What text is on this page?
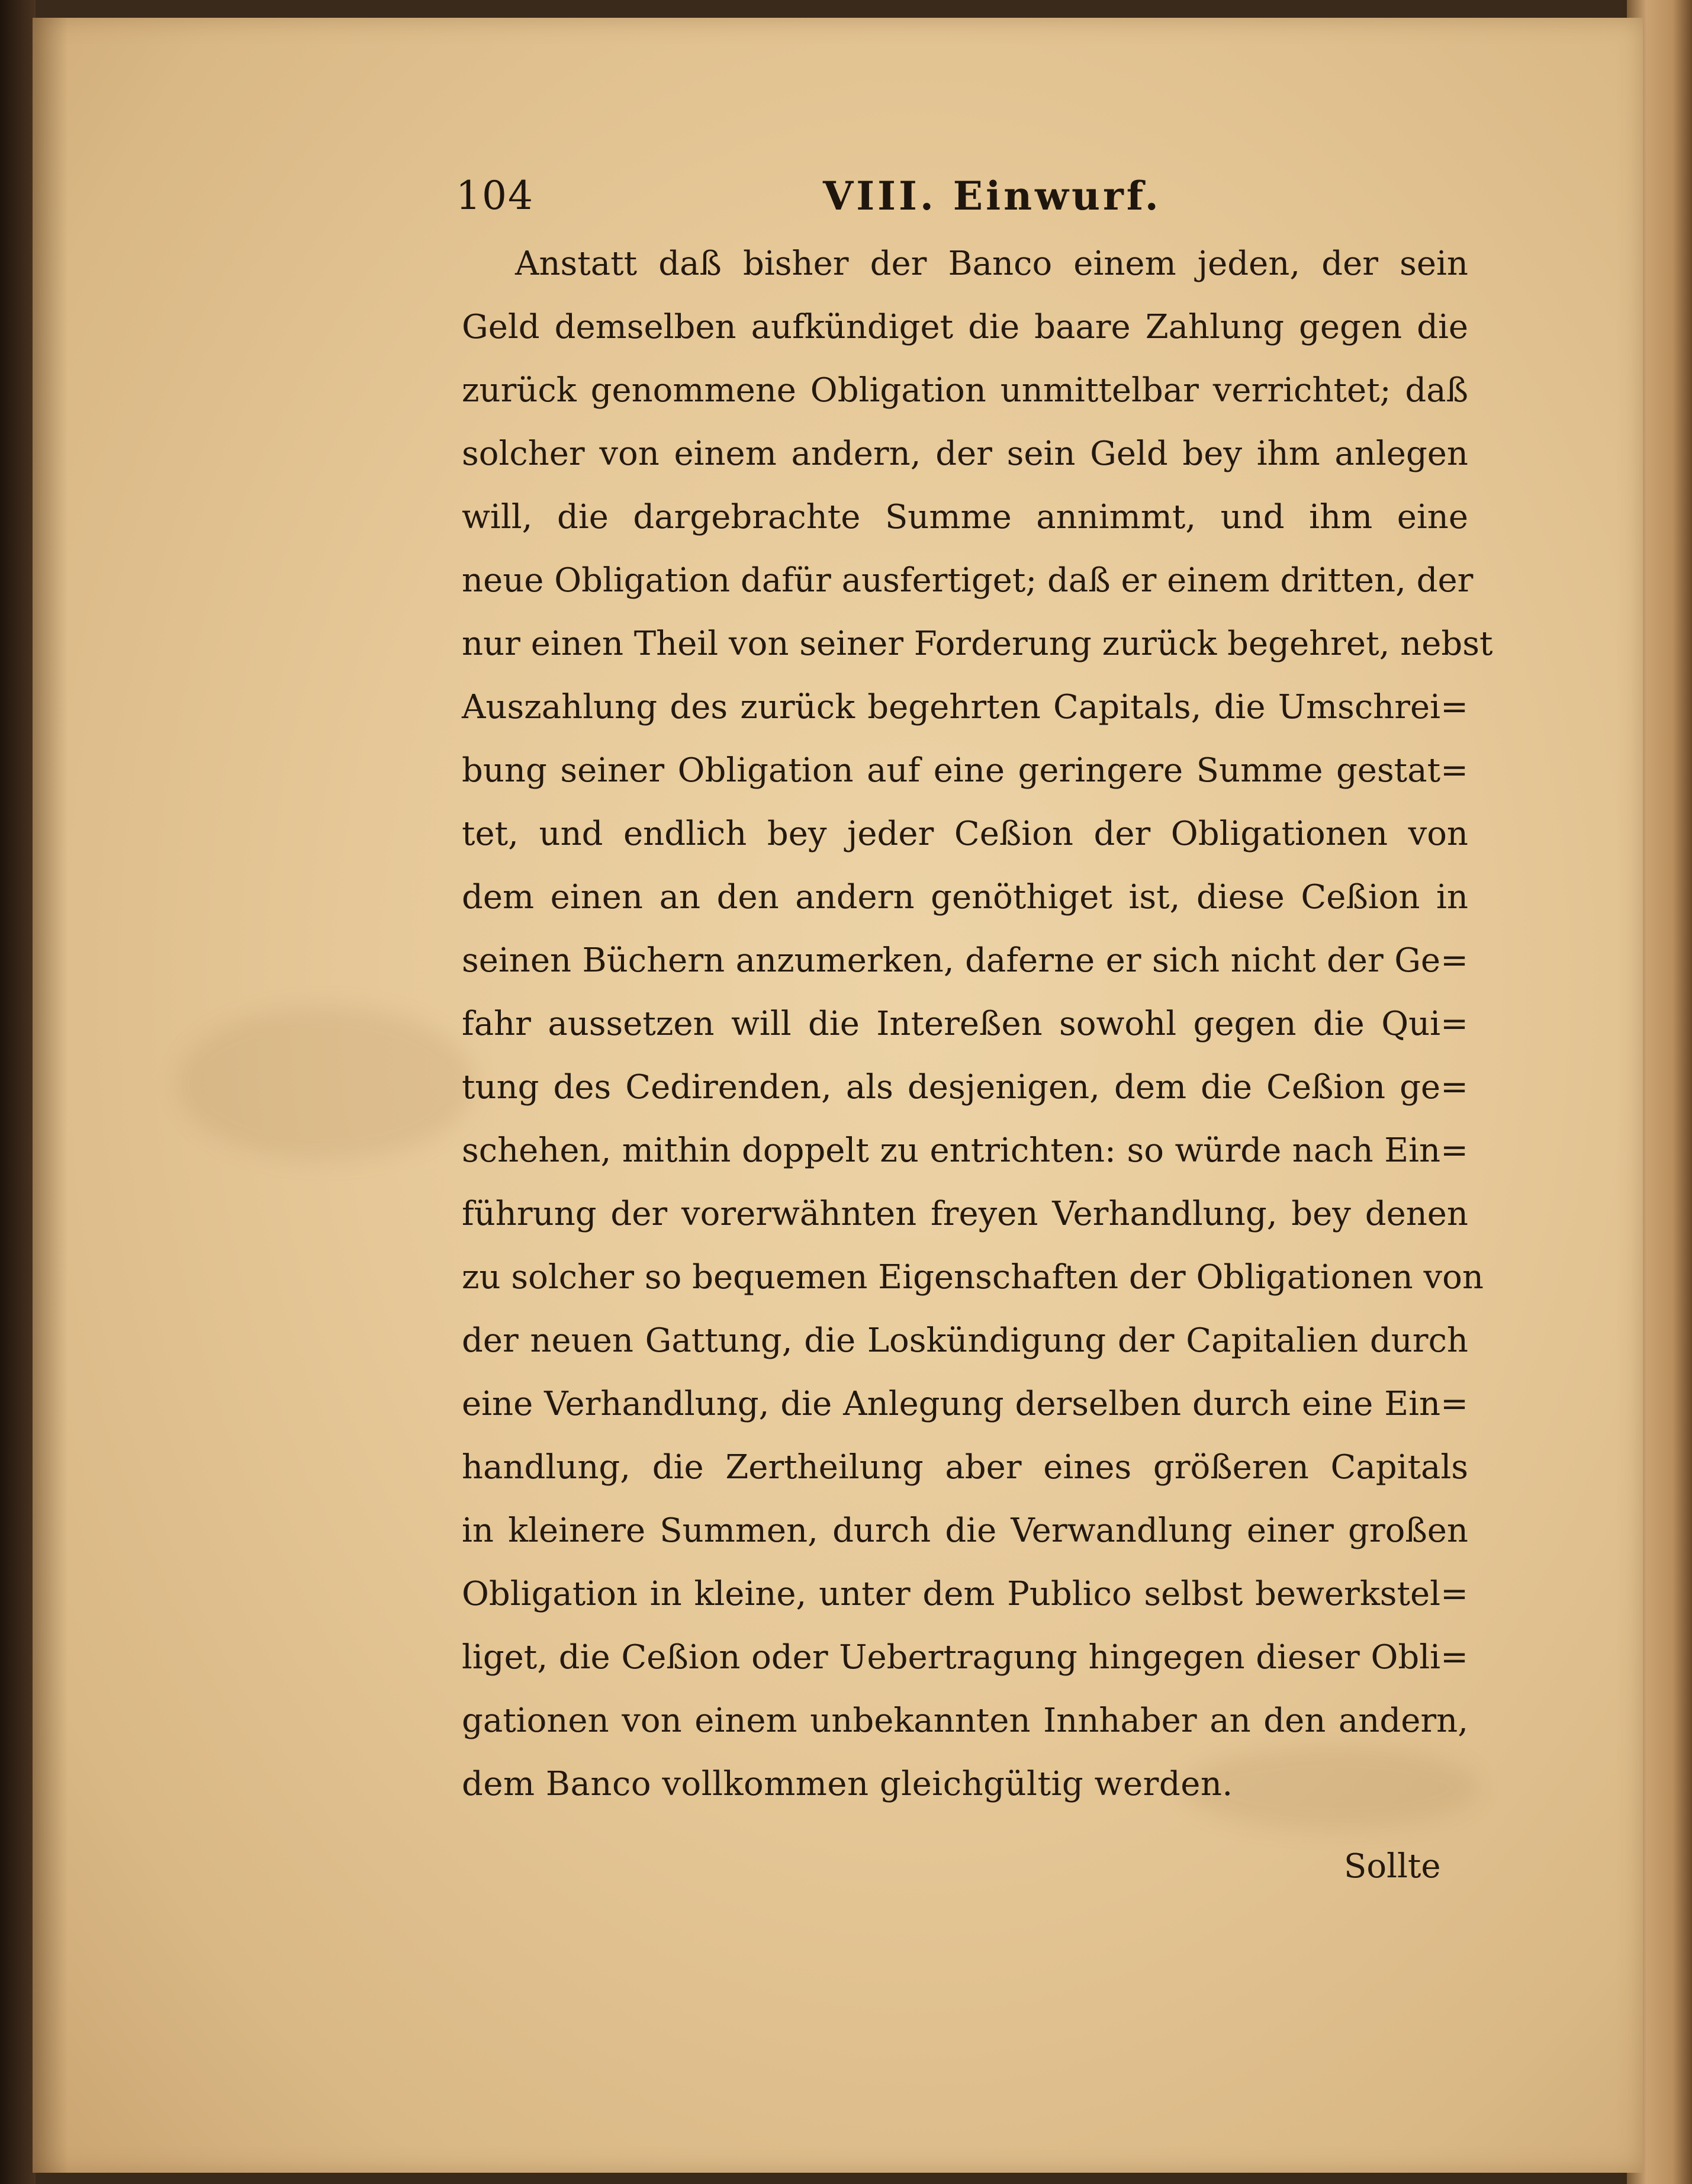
104	VIII. Einwurf.
Anstatt daß bisher der Banco einem jeden, der sein
Geld demselben aufkündiget die baare Zahlung gegen die
zurück genommene Obligation unmittelbar verrichtet; daß
solcher von einem andern, der sein Geld bey ihm anlegen
will, die dargebrachte Summe annimmt, und ihm eine
neue Obligation dafür ausfertiget; daß er einem dritten, der
nur einen Theil von seiner Forderung zurück begehret, nebst
Auszahlung des zurück begehrten Capitals, die Umschrei=
bung seiner Obligation auf eine geringere Summe gestat=
tet, und endlich bey jeder Ceßion der Obligationen von
dem einen an den andern genöthiget ist, diese Ceßion in
seinen Büchern anzumerken, daferne er sich nicht der Ge=
fahr aussetzen will die Intereßen sowohl gegen die Qui=
tung des Cedirenden, als desjenigen, dem die Ceßion ge=
schehen, mithin doppelt zu entrichten: so würde nach Ein=
führung der vorerwähnten freyen Verhandlung, bey denen
zu solcher so bequemen Eigenschaften der Obligationen von
der neuen Gattung, die Loskündigung der Capitalien durch
eine Verhandlung, die Anlegung derselben durch eine Ein=
handlung, die Zertheilung aber eines größeren Capitals
in kleinere Summen, durch die Verwandlung einer großen
Obligation in kleine, unter dem Publico selbst bewerkstel=
liget, die Ceßion oder Uebertragung hingegen dieser Obli=
gationen von einem unbekannten Innhaber an den andern,
dem Banco vollkommen gleichgültig werden.
Sollte
